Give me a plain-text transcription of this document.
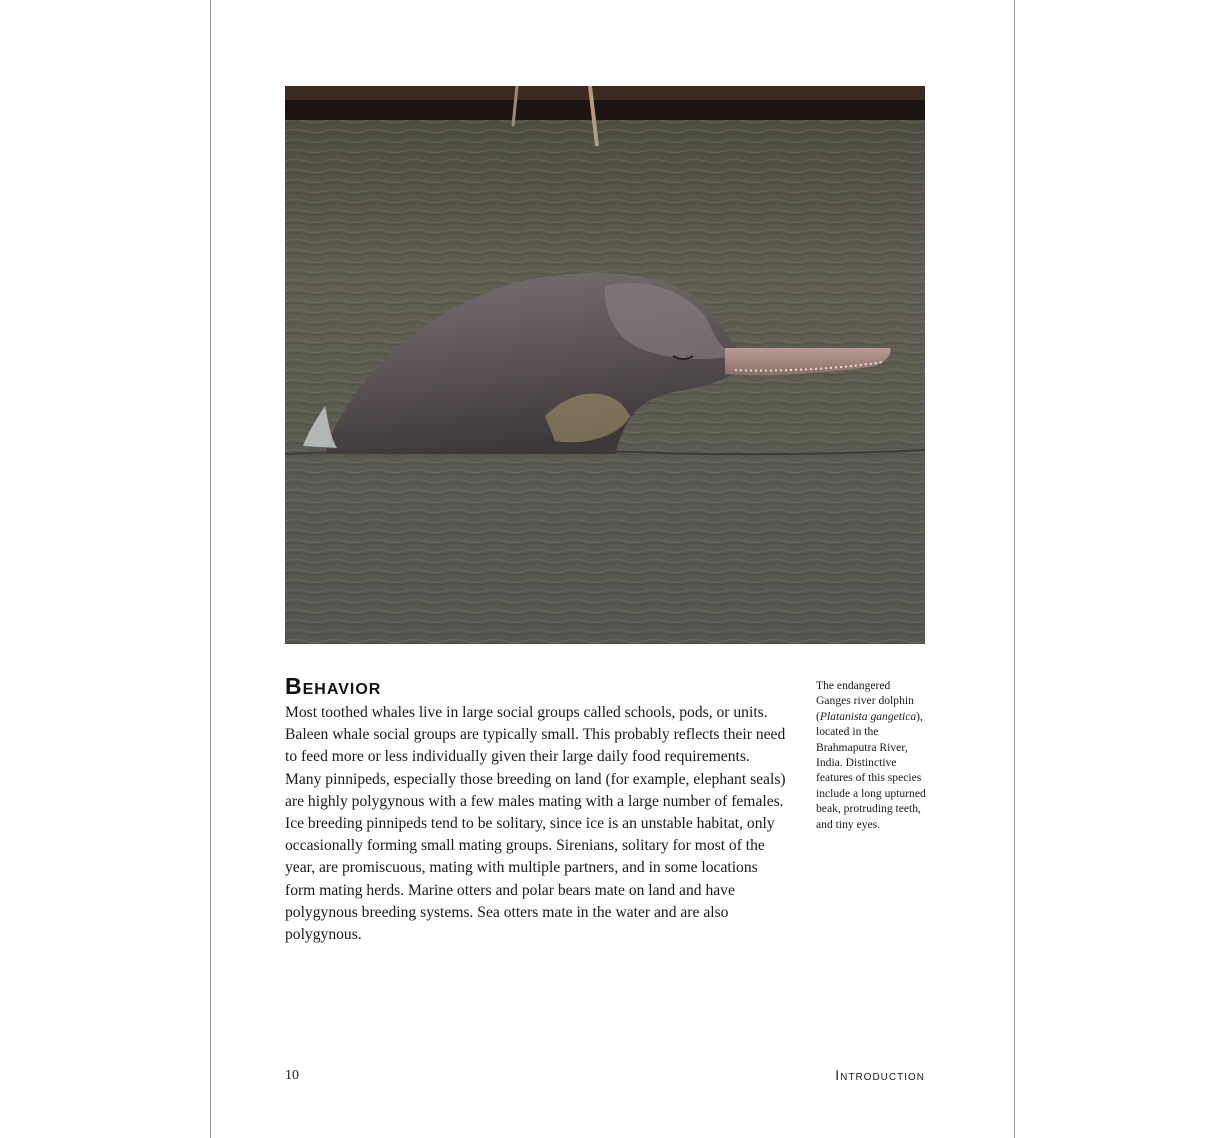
Behavior

Most toothed whales live in large social groups called schools, pods, or units. Baleen whale social groups are typically small. This probably reflects their need to feed more or less individually given their large daily food requirements. Many pinnipeds, especially those breeding on land (for example, elephant seals) are highly polygynous with a few males mating with a large number of females. Ice breeding pinnipeds tend to be solitary, since ice is an unstable habitat, only occasionally forming small mating groups. Sirenians, solitary for most of the year, are promiscuous, mating with multiple partners, and in some locations form mating herds. Marine otters and polar bears mate on land and have polygynous breeding systems. Sea otters mate in the water and are also polygynous.

The endangered Ganges river dolphin (Platanista gangetica), located in the Brahmaputra River, India. Distinctive features of this species include a long upturned beak, protruding teeth, and tiny eyes.

10	Introduction
